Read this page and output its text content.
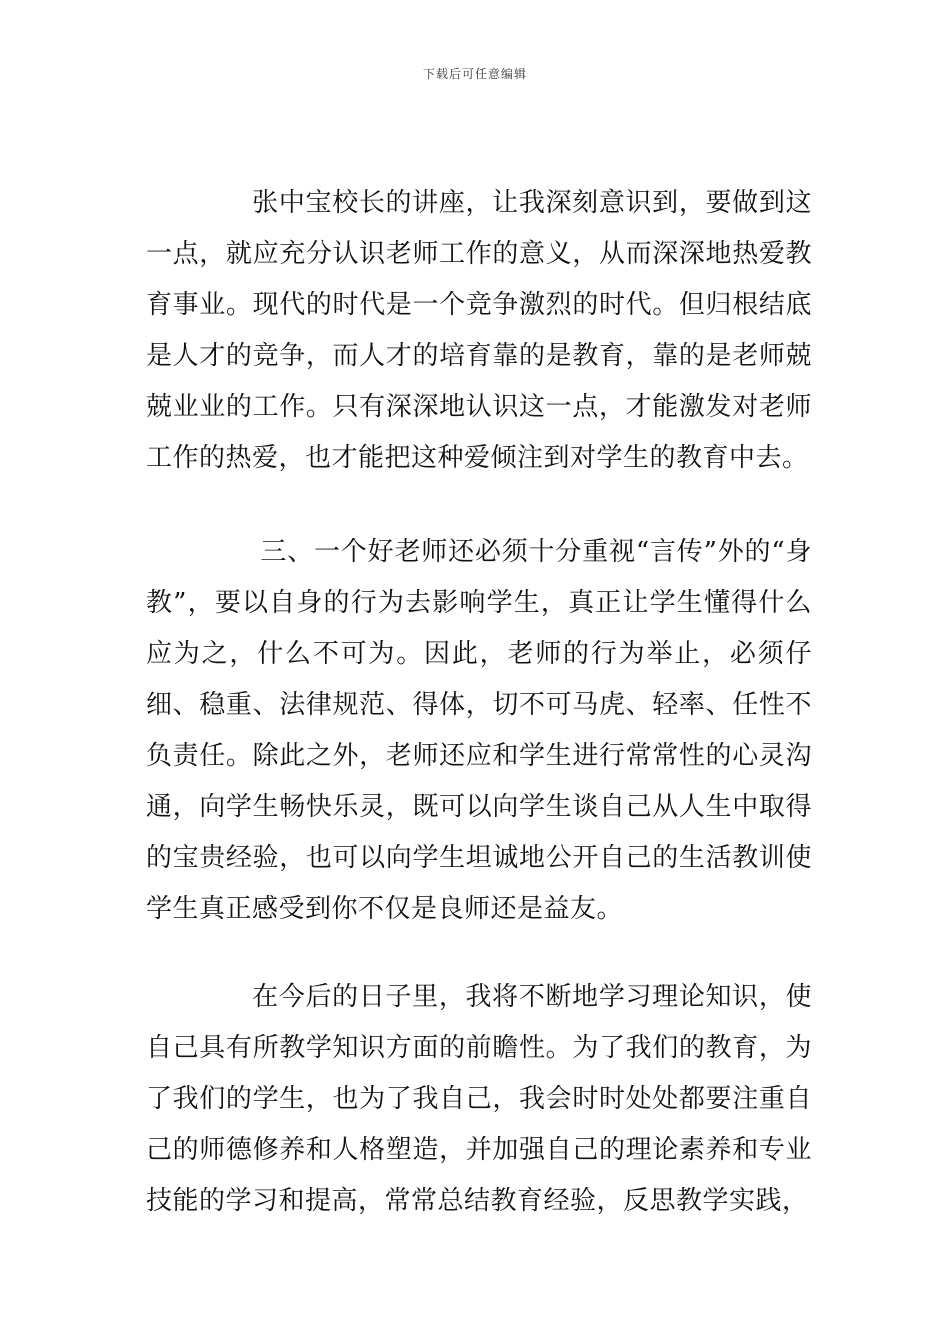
下载后可任意编辑

张中宝校长的讲座，让我深刻意识到，要做到这一点，就应充分认识老师工作的意义，从而深深地热爱教育事业。现代的时代是一个竞争激烈的时代。但归根结底是人才的竞争，而人才的培育靠的是教育，靠的是老师兢兢业业的工作。只有深深地认识这一点，才能激发对老师工作的热爱，也才能把这种爱倾注到对学生的教育中去。

三、一个好老师还必须十分重视“言传”外的“身教”，要以自身的行为去影响学生，真正让学生懂得什么应为之，什么不可为。因此，老师的行为举止，必须仔细、稳重、法律规范、得体，切不可马虎、轻率、任性不负责任。除此之外，老师还应和学生进行常常性的心灵沟通，向学生畅快乐灵，既可以向学生谈自己从人生中取得的宝贵经验，也可以向学生坦诚地公开自己的生活教训使学生真正感受到你不仅是良师还是益友。

在今后的日子里，我将不断地学习理论知识，使自己具有所教学知识方面的前瞻性。为了我们的教育，为了我们的学生，也为了我自己，我会时时处处都要注重自己的师德修养和人格塑造，并加强自己的理论素养和专业技能的学习和提高，常常总结教育经验，反思教学实践，
